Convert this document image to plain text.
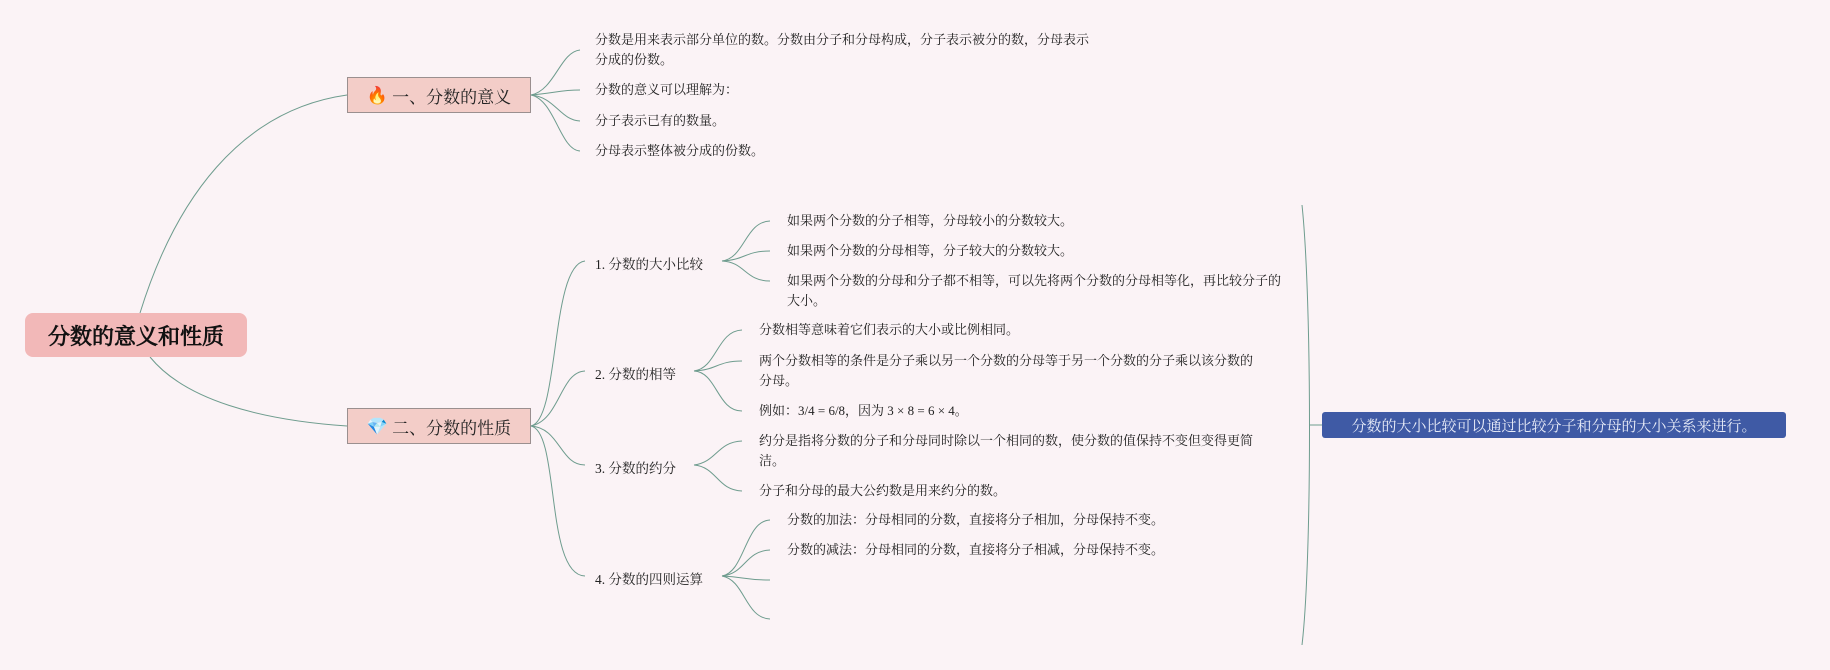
分数的意义和性质
🔥 一、分数的意义
分数是用来表示部分单位的数。分数由分子和分母构成，分子表示被分的数，分母表示分成的份数。
分数的意义可以理解为：
分子表示已有的数量。
分母表示整体被分成的份数。
💎 二、分数的性质
1. 分数的大小比较
如果两个分数的分子相等，分母较小的分数较大。
如果两个分数的分母相等，分子较大的分数较大。
如果两个分数的分母和分子都不相等，可以先将两个分数的分母相等化，再比较分子的大小。
2. 分数的相等
分数相等意味着它们表示的大小或比例相同。
两个分数相等的条件是分子乘以另一个分数的分母等于另一个分数的分子乘以该分数的分母。
例如：3/4 = 6/8，因为 3 × 8 = 6 × 4。
3. 分数的约分
约分是指将分数的分子和分母同时除以一个相同的数，使分数的值保持不变但变得更简洁。
分子和分母的最大公约数是用来约分的数。
4. 分数的四则运算
分数的加法：分母相同的分数，直接将分子相加，分母保持不变。
分数的减法：分母相同的分数，直接将分子相减，分母保持不变。
分数的大小比较可以通过比较分子和分母的大小关系来进行。
